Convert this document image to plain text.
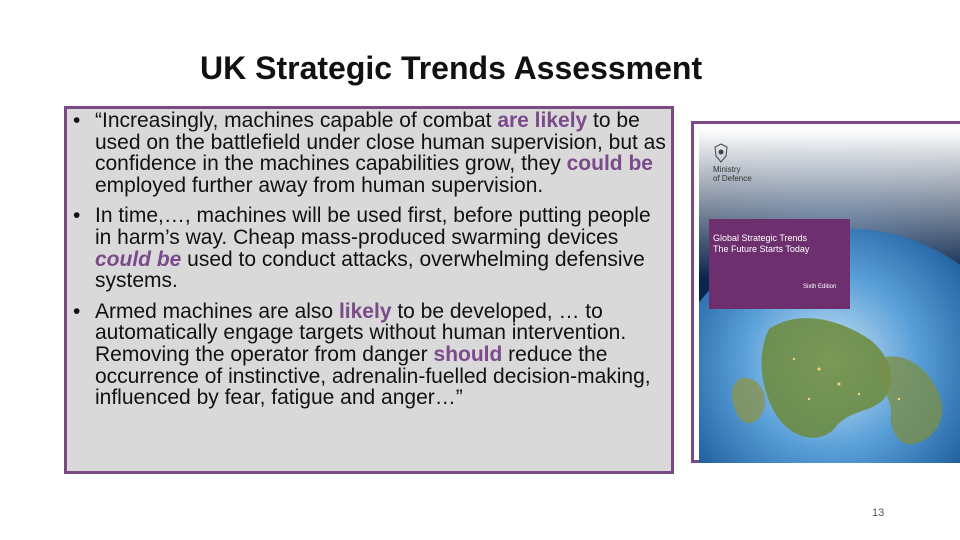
UK Strategic Trends Assessment
• “Increasingly, machines capable of combat are likely to be used on the battlefield under close human supervision, but as confidence in the machines capabilities grow, they could be employed further away from human supervision.
• In time,…, machines will be used first, before putting people in harm’s way. Cheap mass-produced swarming devices could be used to conduct attacks, overwhelming defensive systems.
• Armed machines are also likely to be developed, … to automatically engage targets without human intervention. Removing the operator from danger should reduce the occurrence of instinctive, adrenalin-fuelled decision-making, influenced by fear, fatigue and anger…”
Ministry
of Defence
Global Strategic Trends
The Future Starts Today
Sixth Edition
13
